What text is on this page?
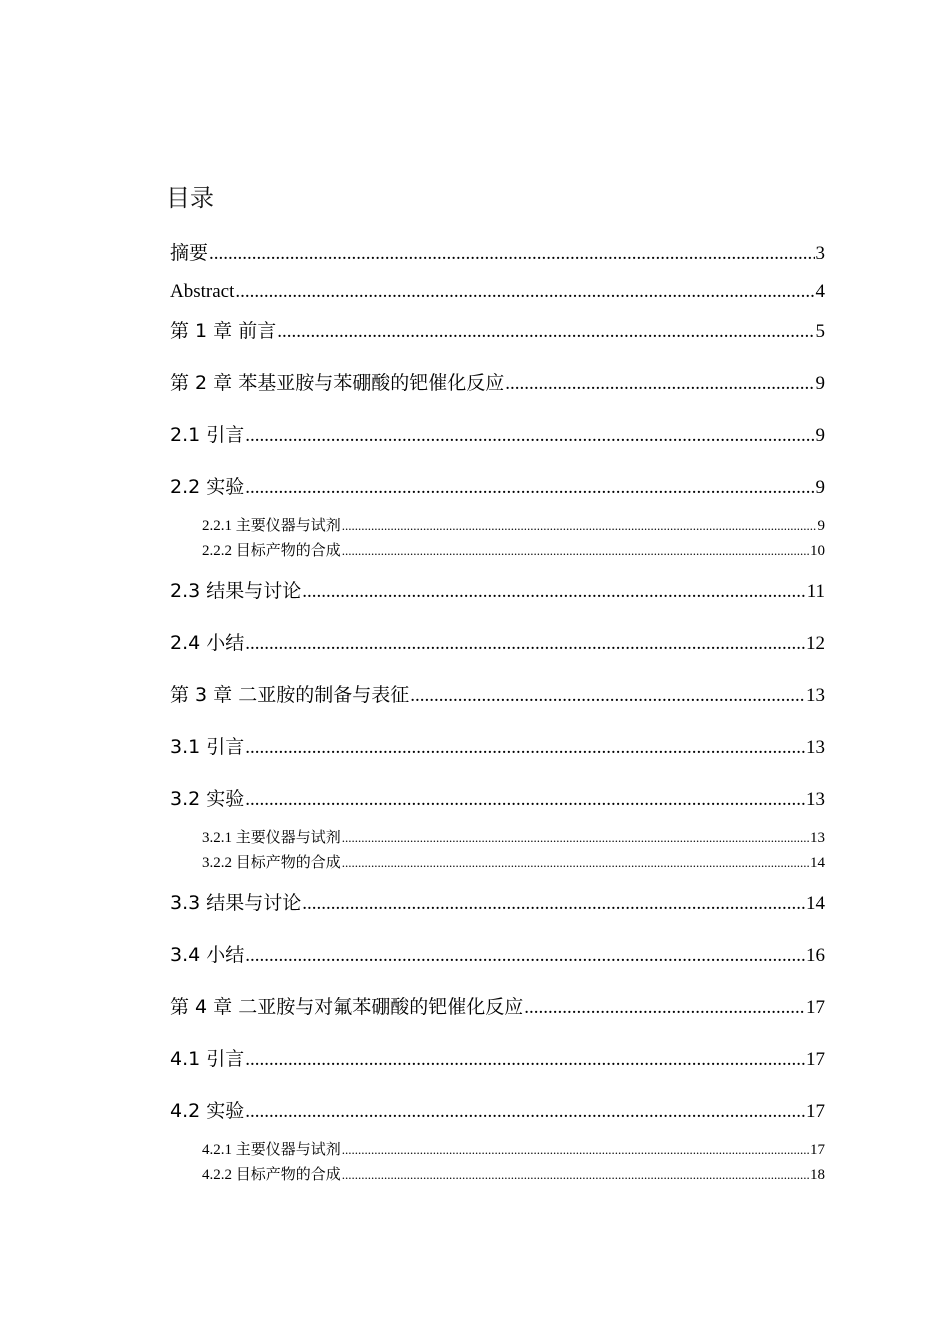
目录
摘要 .....	3
Abstract .....	4
第 1 章 前言 .....	5
第 2 章 苯基亚胺与苯硼酸的钯催化反应 .....	9
2.1 引言 .....	9
2.2 实验 .....	9
2.2.1 主要仪器与试剂 .....	9
2.2.2 目标产物的合成 .....	10
2.3 结果与讨论 .....	11
2.4 小结 .....	12
第 3 章 二亚胺的制备与表征 .....	13
3.1 引言 .....	13
3.2 实验 .....	13
3.2.1 主要仪器与试剂 .....	13
3.2.2 目标产物的合成 .....	14
3.3 结果与讨论 .....	14
3.4 小结 .....	16
第 4 章 二亚胺与对氟苯硼酸的钯催化反应 .....	17
4.1 引言 .....	17
4.2 实验 .....	17
4.2.1 主要仪器与试剂 .....	17
4.2.2 目标产物的合成 .....	18
